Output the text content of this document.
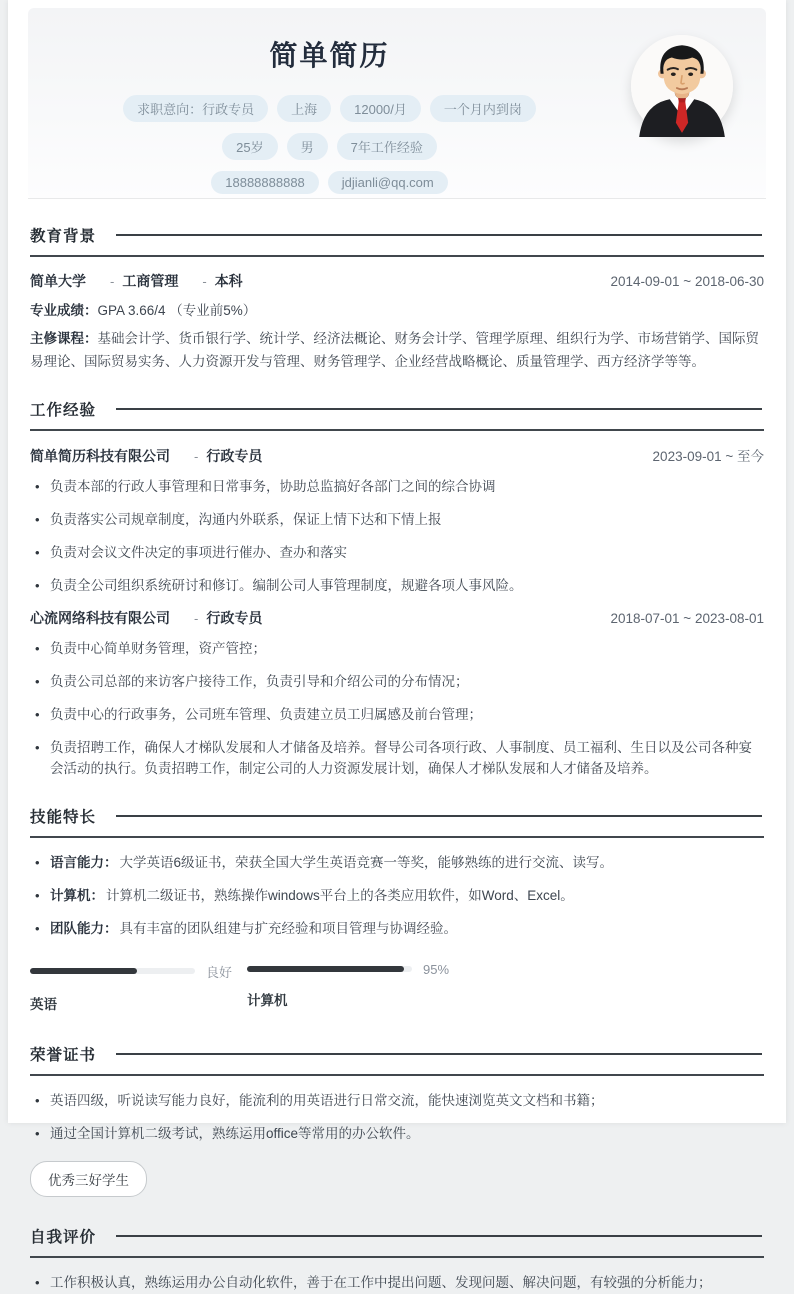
简单简历
求职意向：行政专员	上海	12000/月	一个月内到岗
25岁	男	7年工作经验
18888888888	jdjianli@qq.com
教育背景
简单大学 - 工商管理 - 本科	2014-09-01 ~ 2018-06-30
专业成绩：GPA 3.66/4 （专业前5%）
主修课程：基础会计学、货币银行学、统计学、经济法概论、财务会计学、管理学原理、组织行为学、市场营销学、国际贸易理论、国际贸易实务、人力资源开发与管理、财务管理学、企业经营战略概论、质量管理学、西方经济学等等。
工作经验
简单简历科技有限公司 - 行政专员	2023-09-01 ~ 至今
• 负责本部的行政人事管理和日常事务，协助总监搞好各部门之间的综合协调
• 负责落实公司规章制度，沟通内外联系，保证上情下达和下情上报
• 负责对会议文件决定的事项进行催办、查办和落实
• 负责全公司组织系统研讨和修订。编制公司人事管理制度，规避各项人事风险。
心流网络科技有限公司 - 行政专员	2018-07-01 ~ 2023-08-01
• 负责中心简单财务管理，资产管控；
• 负责公司总部的来访客户接待工作，负责引导和介绍公司的分布情况；
• 负责中心的行政事务，公司班车管理、负责建立员工归属感及前台管理；
• 负责招聘工作，确保人才梯队发展和人才储备及培养。督导公司各项行政、人事制度、员工福利、生日以及公司各种宴会活动的执行。负责招聘工作，制定公司的人力资源发展计划，确保人才梯队发展和人才储备及培养。
技能特长
• 语言能力： 大学英语6级证书，荣获全国大学生英语竞赛一等奖，能够熟练的进行交流、读写。
• 计算机： 计算机二级证书，熟练操作windows平台上的各类应用软件，如Word、Excel。
• 团队能力： 具有丰富的团队组建与扩充经验和项目管理与协调经验。
良好
英语
95%
计算机
荣誉证书
• 英语四级，听说读写能力良好，能流利的用英语进行日常交流，能快速浏览英文文档和书籍；
• 通过全国计算机二级考试，熟练运用office等常用的办公软件。
优秀三好学生
自我评价
• 工作积极认真，熟练运用办公自动化软件，善于在工作中提出问题、发现问题、解决问题，有较强的分析能力；
